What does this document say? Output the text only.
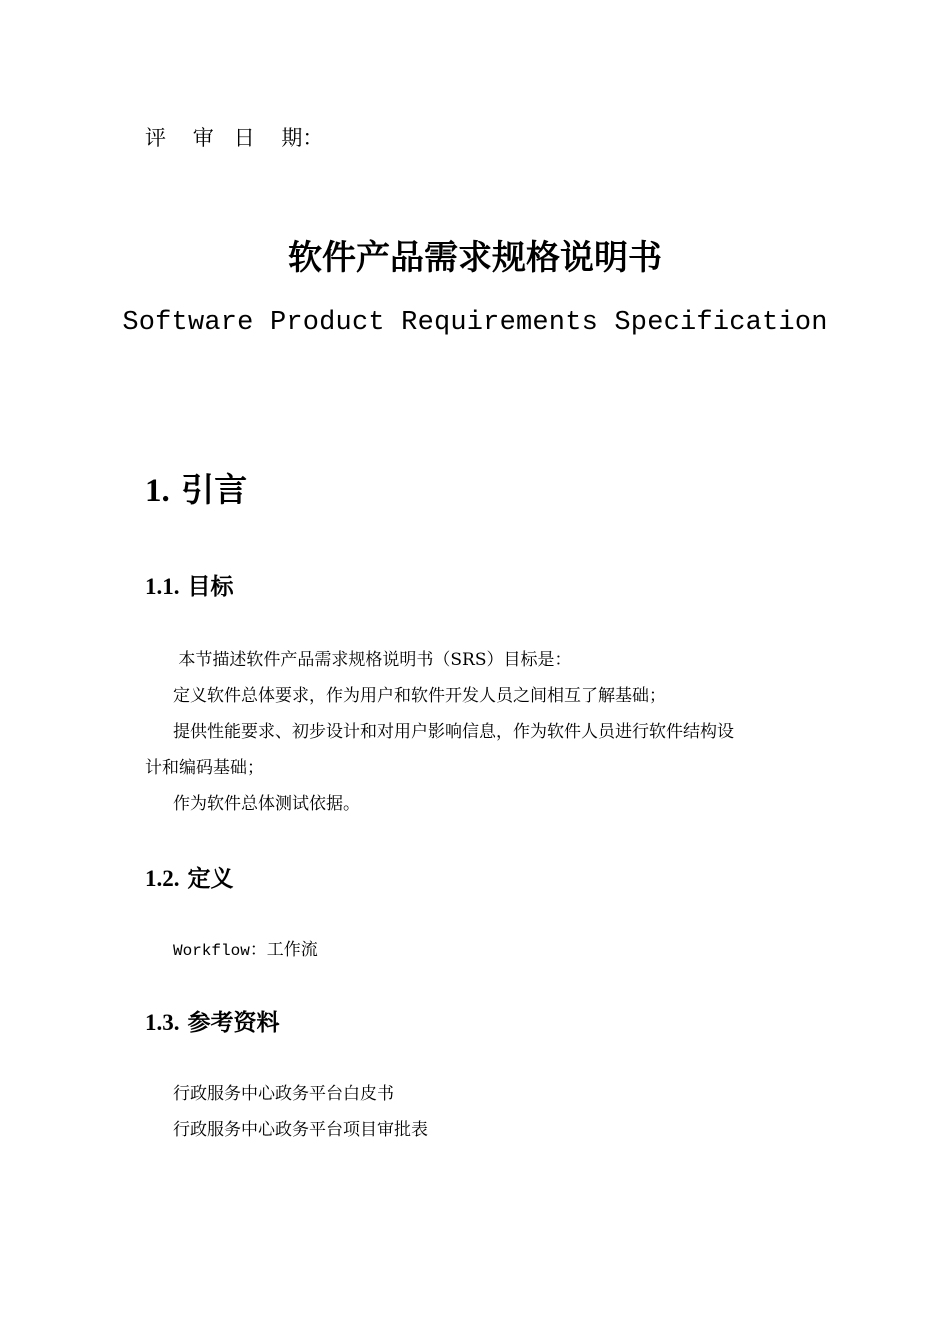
评    审   日    期：
软件产品需求规格说明书
Software Product Requirements Specification
1. 引言
1.1. 目标
本节描述软件产品需求规格说明书（SRS）目标是：
定义软件总体要求，作为用户和软件开发人员之间相互了解基础；
提供性能要求、初步设计和对用户影响信息，作为软件人员进行软件结构设
计和编码基础；
作为软件总体测试依据。
1.2. 定义
Workflow：工作流
1.3. 参考资料
行政服务中心政务平台白皮书
行政服务中心政务平台项目审批表
